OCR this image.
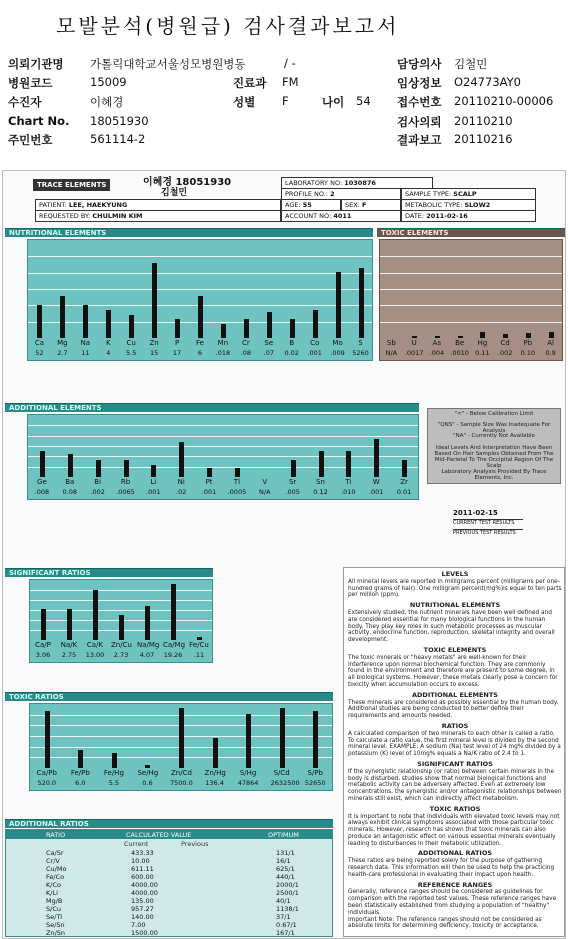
모발분석(병원급) 검사결과보고서
의뢰기관명 가톨릭대학교서울성모병원병동	/ -	담당의사 김철민
병원코드	15009	진료과 FM	임상정보 O24773AY0
수진자	이혜경	성별 F	나이 54 접수번호 20110210-00006
Chart No. 18051930	검사의뢰 20110210
주민번호	561114-2	결과보고 20110216
TRACE ELEMENTS	이혜경 18051930
김철민
LABORATORY NO: 1030876
PROFILE NO.: 2	SAMPLE TYPE: SCALP
PATIENT: LEE, HAEKYUNG	AGE: 55	SEX: F	METABOLIC TYPE: SLOW2
REQUESTED BY: CHULMIN KIM	ACCOUNT NO: 4011	DATE: 2011-02-16
NUTRITIONAL ELEMENTS
Ca
52
Mg
2.7
Na
11
K
4
Cu
5.5
Zn
15
P
17
Fe
6
Mn
.018
Cr
.08
Se
.07
B
0.02
Co
.001
Mo
.009
S
5260
TOXIC ELEMENTS
Sb
N/A
U
.0017
As
.004
Be
.0010
Hg
0.11
Cd
.002
Pb
0.10
Al
0.9
ADDITIONAL ELEMENTS
Ge
.008
Ba
0.08
Bi
.002
Rb
.0065
Li
.001
Ni
.02
Pt
.001
Tl
.0005
V
N/A
Sr
.005
Sn
0.12
Ti
.010
W
.001
Zr
0.01
"<" - Below Calibration Limit
"QNS" - Sample Size Was Inadequate For Analysis
"NA" - Currently Not Available
Ideal Levels And Interpretation Have Been Based On Hair Samples Obtained From The Mid-Parietal To The Occipital Region Of The Scalp
Laboratory Analysis Provided By Trace Elements, Inc.
2011-02-15
CURRENT TEST RESULTS
PREVIOUS TEST RESULTS
SIGNIFICANT RATIOS
Ca/P
3.06
Na/K
2.75
Ca/K
13.00
Zn/Cu
2.73
Na/Mg
4.07
Ca/Mg
19.26
Fe/Cu
.11
TOXIC RATIOS
Ca/Pb
520.0
Fe/Pb
6.0
Fe/Hg
5.5
Se/Hg
0.6
Zn/Cd
7500.0
Zn/Hg
136.4
S/Hg
47864
S/Cd
2632500
S/Pb
52650
ADDITIONAL RATIOS
RATIO	CALCULATED VALUE	OPTIMUM
Current	Previous
Ca/Sr	433.33	131/1
Cr/V	10.00	16/1
Cu/Mo	611.11	625/1
Fe/Co	600.00	440/1
K/Co	4000.00	2000/1
K/Li	4000.00	2500/1
Mg/B	135.00	40/1
S/Cu	957.27	1138/1
Se/Tl	140.00	37/1
Se/Sn	7.00	0.67/1
Zn/Sn	1500.00	167/1
LEVELS

All mineral levels are reported in milligrams percent (milligrams per one-hundred grams of hair). One milligram percent(mg%)is equal to ten parts per million (ppm).

NUTRITIONAL ELEMENTS

Extensively studied, the nutrient minerals have been well defined and are considered essential for many biological functions in the human body. They play key roles in such metabolic processes as muscular activity, endocrine function, reproduction, skeletal integrity and overall development.

TOXIC ELEMENTS

The toxic minerals or "heavy metals" are well-known for their interference upon normal biochemical function. They are commonly found in the environment and therefore are present to some degree, in all biological systems. However, these metals clearly pose a concern for toxicity when accumulation occurs to excess.

ADDITIONAL ELEMENTS

These minerals are considered as possibly essential by the human body. Additional studies are being conducted to better define their requirements and amounts needed.

RATIOS

A calculated comparison of two minerals to each other is called a ratio. To calculate a ratio value, the first mineral level is divided by the second mineral level. EXAMPLE: A sodium (Na) test level of 24 mg% divided by a potassium (K) level of 10mg% equals a Na/K ratio of 2.4 to 1.

SIGNIFICANT RATIOS

If the synergistic relationship (or ratio) between certain minerals in the body is disturbed, studies show that normal biological functions and metabolic activity can be adversely affected. Even at extremely low concentrations, the synergistic and/or antagonistic relationships between minerals still exist, which can indirectly affect metabolism.

TOXIC RATIOS

It is important to note that individuals with elevated toxic levels may not always exhibit clinical symptoms associated with those particular toxic minerals. However, research has shown that toxic minerals can also produce an antagonistic effect on various essential minerals eventually leading to disturbances in their metabolic utilization.

ADDITIONAL RATIOS

These ratios are being reported solely for the purpose of gathering research data. This information will then be used to help the practicing health-care professional in evaluating their impact upon health.

REFERENCE RANGES

Generally, reference ranges should be considered as guidelines for comparison with the reported test values. These reference ranges have been statistically established from studying a population of "healthy" individuals.

Important Note: The reference ranges should not be considered as absolute limits for determining deficiency, toxicity or acceptance.
